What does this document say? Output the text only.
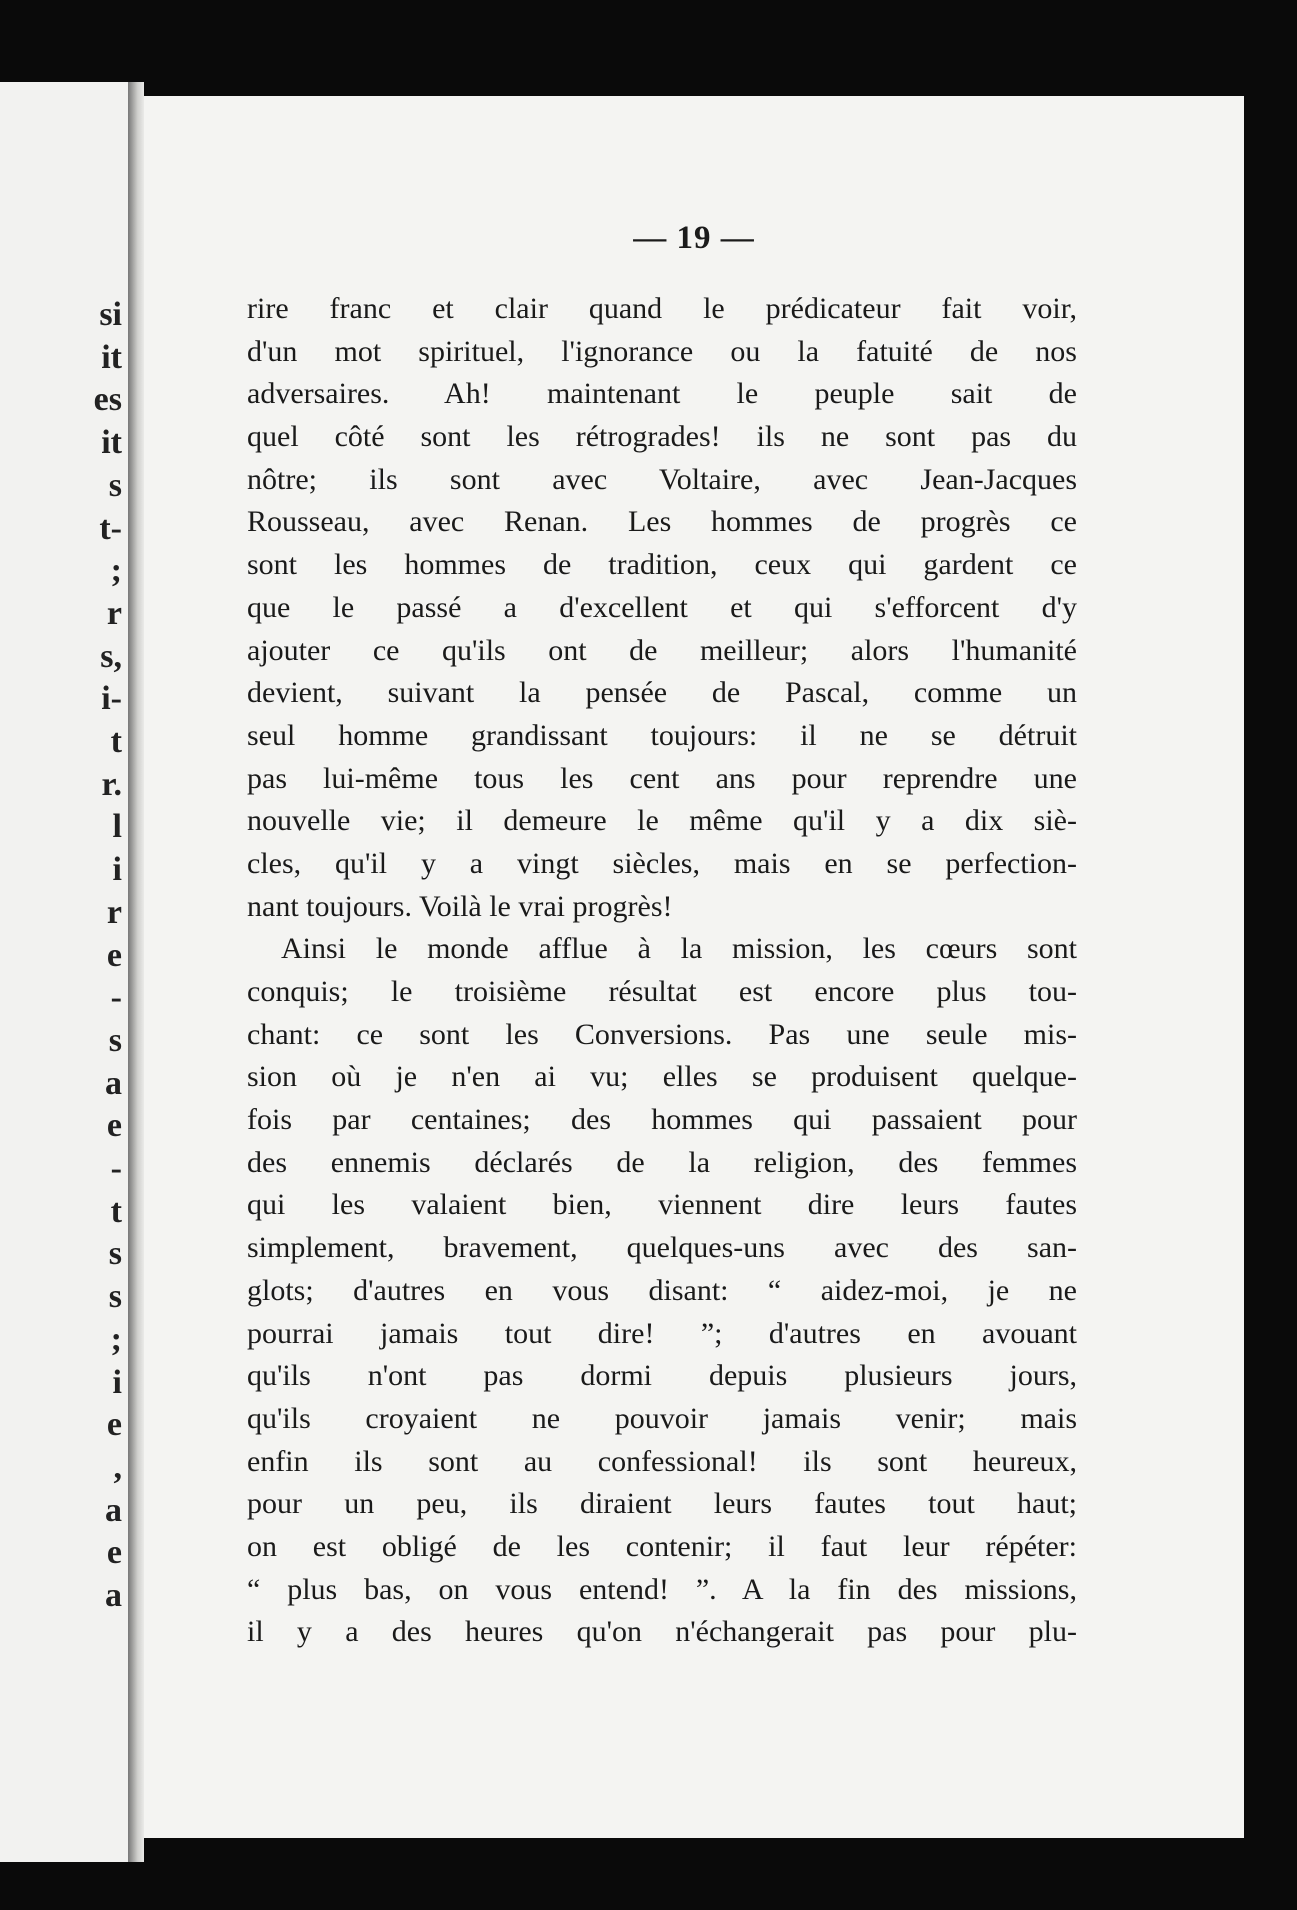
si
it
es
it
s
t-
;
r
s,
i-
t
r.
l
i
r
e
-
s
a
e
-
t
s
s
;
i
e
,
a
e
a
— 19 —
rire franc et clair quand le prédicateur fait voir,
d'un mot spirituel, l'ignorance ou la fatuité de nos
adversaires. Ah! maintenant le peuple sait de
quel côté sont les rétrogrades! ils ne sont pas du
nôtre; ils sont avec Voltaire, avec Jean-Jacques
Rousseau, avec Renan. Les hommes de progrès ce
sont les hommes de tradition, ceux qui gardent ce
que le passé a d'excellent et qui s'efforcent d'y
ajouter ce qu'ils ont de meilleur; alors l'humanité
devient, suivant la pensée de Pascal, comme un
seul homme grandissant toujours: il ne se détruit
pas lui-même tous les cent ans pour reprendre une
nouvelle vie; il demeure le même qu'il y a dix siè-
cles, qu'il y a vingt siècles, mais en se perfection-
nant toujours. Voilà le vrai progrès!
Ainsi le monde afflue à la mission, les cœurs sont
conquis; le troisième résultat est encore plus tou-
chant: ce sont les Conversions. Pas une seule mis-
sion où je n'en ai vu; elles se produisent quelque-
fois par centaines; des hommes qui passaient pour
des ennemis déclarés de la religion, des femmes
qui les valaient bien, viennent dire leurs fautes
simplement, bravement, quelques-uns avec des san-
glots; d'autres en vous disant: “ aidez-moi, je ne
pourrai jamais tout dire! ”; d'autres en avouant
qu'ils n'ont pas dormi depuis plusieurs jours,
qu'ils croyaient ne pouvoir jamais venir; mais
enfin ils sont au confessional! ils sont heureux,
pour un peu, ils diraient leurs fautes tout haut;
on est obligé de les contenir; il faut leur répéter:
“ plus bas, on vous entend! ”. A la fin des missions,
il y a des heures qu'on n'échangerait pas pour plu-
